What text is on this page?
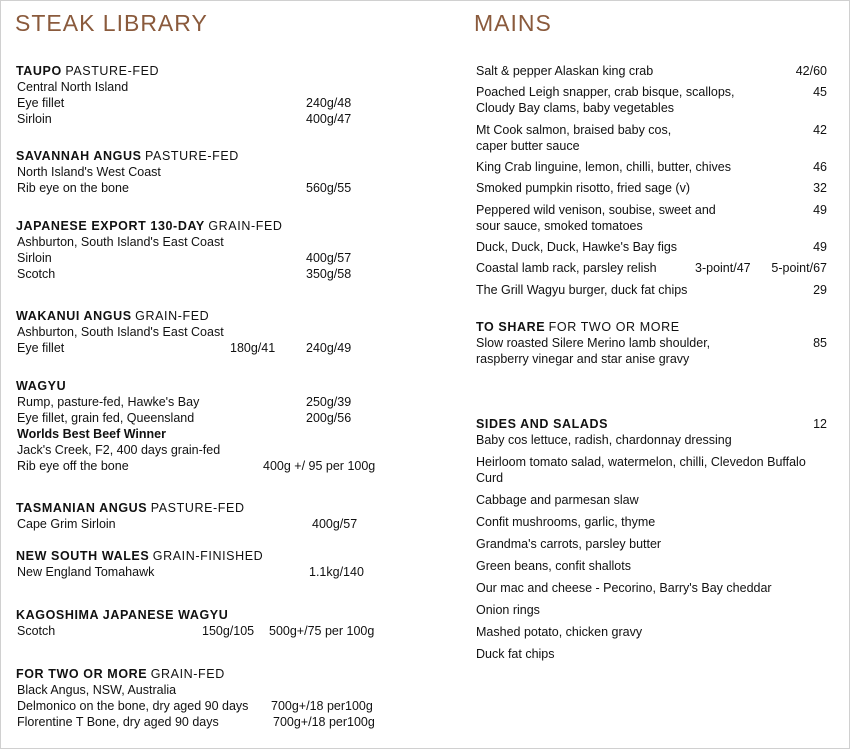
STEAK LIBRARY
TAUPO PASTURE-FED
Central North Island
Eye fillet	240g/48
Sirloin	400g/47
SAVANNAH ANGUS PASTURE-FED
North Island's West Coast
Rib eye on the bone	560g/55
JAPANESE EXPORT 130-DAY GRAIN-FED
Ashburton, South Island's East Coast
Sirloin	400g/57
Scotch	350g/58
WAKANUI ANGUS GRAIN-FED
Ashburton, South Island's East Coast
Eye fillet	180g/41 240g/49
WAGYU
Rump, pasture-fed, Hawke's Bay	250g/39
Eye fillet, grain fed, Queensland	200g/56
Worlds Best Beef Winner
Jack's Creek, F2, 400 days grain-fed
Rib eye off the bone	400g +/ 95 per 100g
TASMANIAN ANGUS PASTURE-FED
Cape Grim Sirloin	400g/57
NEW SOUTH WALES GRAIN-FINISHED
New England Tomahawk	1.1kg/140
KAGOSHIMA JAPANESE WAGYU
Scotch	150g/105 500g+/75 per 100g
FOR TWO OR MORE GRAIN-FED
Black Angus, NSW, Australia
Delmonico on the bone, dry aged 90 days 700g+/18 per100g
Florentine T Bone, dry aged 90 days	700g+/18 per100g
MAINS
Salt & pepper Alaskan king crab	42/60
Poached Leigh snapper, crab bisque, scallops,
Cloudy Bay clams, baby vegetables
45
Mt Cook salmon, braised baby cos,
caper butter sauce
42
King Crab linguine, lemon, chilli, butter, chives	46
Smoked pumpkin risotto, fried sage (v)	32
Peppered wild venison, soubise, sweet and
sour sauce, smoked tomatoes
49
Duck, Duck, Duck, Hawke's Bay figs	49
Coastal lamb rack, parsley relish	3-point/47 5-point/67
The Grill Wagyu burger, duck fat chips	29
TO SHARE FOR TWO OR MORE
Slow roasted Silere Merino lamb shoulder,
raspberry vinegar and star anise gravy
85
SIDES AND SALADS	12
Baby cos lettuce, radish, chardonnay dressing
Heirloom tomato salad, watermelon, chilli, Clevedon Buffalo
Curd
Cabbage and parmesan slaw
Confit mushrooms, garlic, thyme
Grandma's carrots, parsley butter
Green beans, confit shallots
Our mac and cheese - Pecorino, Barry's Bay cheddar
Onion rings
Mashed potato, chicken gravy
Duck fat chips
